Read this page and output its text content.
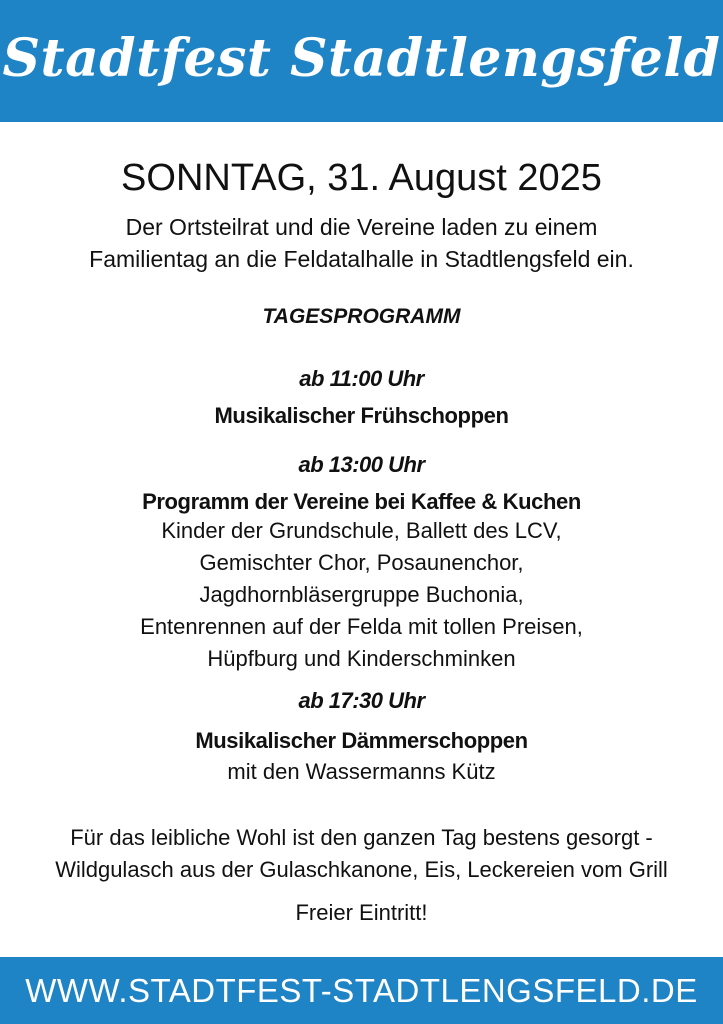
Stadtfest Stadtlengsfeld
SONNTAG, 31. August 2025
Der Ortsteilrat und die Vereine laden zu einem
Familientag an die Feldatalhalle in Stadtlengsfeld ein.
TAGESPROGRAMM
ab 11:00 Uhr
Musikalischer Frühschoppen
ab 13:00 Uhr
Programm der Vereine bei Kaffee & Kuchen
Kinder der Grundschule, Ballett des LCV,
Gemischter Chor, Posaunenchor,
Jagdhornbläsergruppe Buchonia,
Entenrennen auf der Felda mit tollen Preisen,
Hüpfburg und Kinderschminken
ab 17:30 Uhr
Musikalischer Dämmerschoppen
mit den Wassermanns Kütz
Für das leibliche Wohl ist den ganzen Tag bestens gesorgt -
Wildgulasch aus der Gulaschkanone, Eis, Leckereien vom Grill
Freier Eintritt!
WWW.STADTFEST-STADTLENGSFELD.DE
